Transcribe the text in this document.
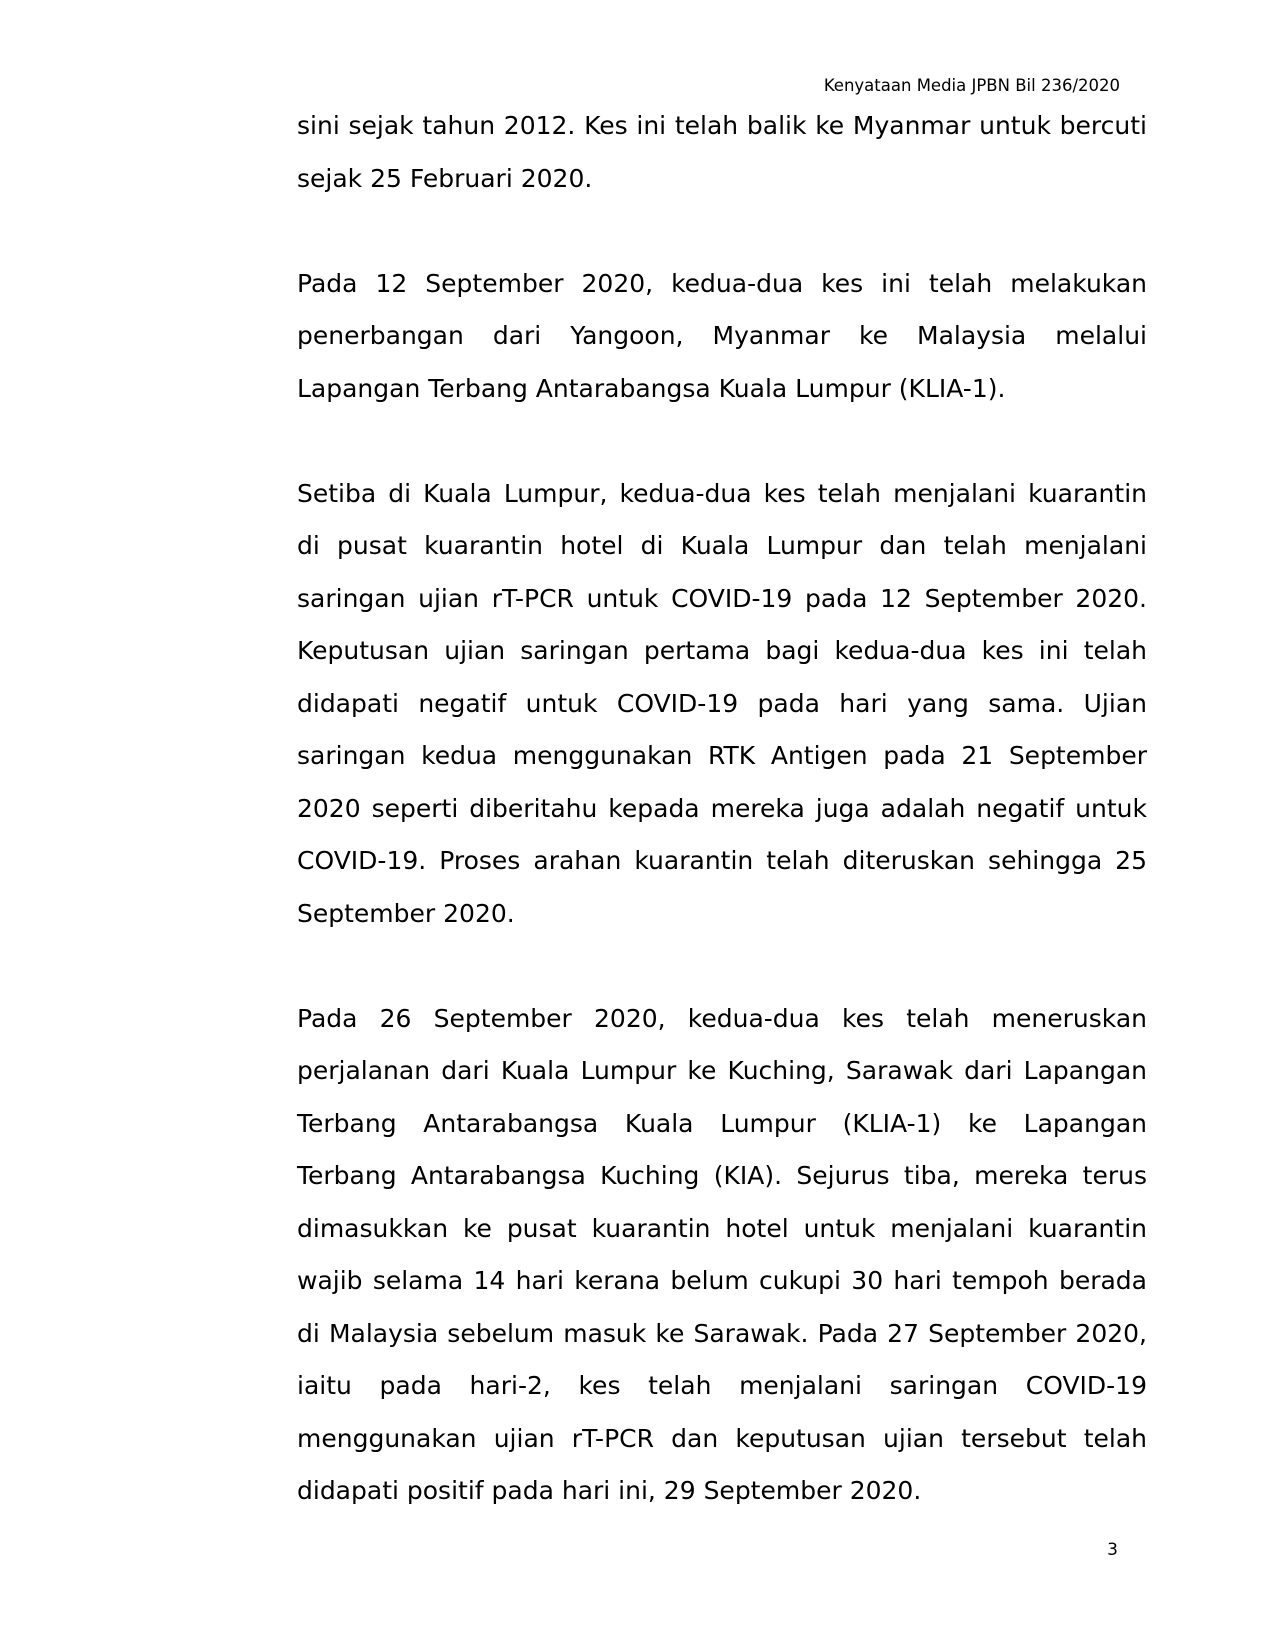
Kenyataan Media JPBN Bil 236/2020
sini sejak tahun 2012. Kes ini telah balik ke Myanmar untuk bercuti
sejak 25 Februari 2020.
Pada 12 September 2020, kedua-dua kes ini telah melakukan
penerbangan dari Yangoon, Myanmar ke Malaysia melalui
Lapangan Terbang Antarabangsa Kuala Lumpur (KLIA-1).
Setiba di Kuala Lumpur, kedua-dua kes telah menjalani kuarantin
di pusat kuarantin hotel di Kuala Lumpur dan telah menjalani
saringan ujian rT-PCR untuk COVID-19 pada 12 September 2020.
Keputusan ujian saringan pertama bagi kedua-dua kes ini telah
didapati negatif untuk COVID-19 pada hari yang sama. Ujian
saringan kedua menggunakan RTK Antigen pada 21 September
2020 seperti diberitahu kepada mereka juga adalah negatif untuk
COVID-19. Proses arahan kuarantin telah diteruskan sehingga 25
September 2020.
Pada 26 September 2020, kedua-dua kes telah meneruskan
perjalanan dari Kuala Lumpur ke Kuching, Sarawak dari Lapangan
Terbang Antarabangsa Kuala Lumpur (KLIA-1) ke Lapangan
Terbang Antarabangsa Kuching (KIA). Sejurus tiba, mereka terus
dimasukkan ke pusat kuarantin hotel untuk menjalani kuarantin
wajib selama 14 hari kerana belum cukupi 30 hari tempoh berada
di Malaysia sebelum masuk ke Sarawak. Pada 27 September 2020,
iaitu pada hari-2, kes telah menjalani saringan COVID-19
menggunakan ujian rT-PCR dan keputusan ujian tersebut telah
didapati positif pada hari ini, 29 September 2020.
3
